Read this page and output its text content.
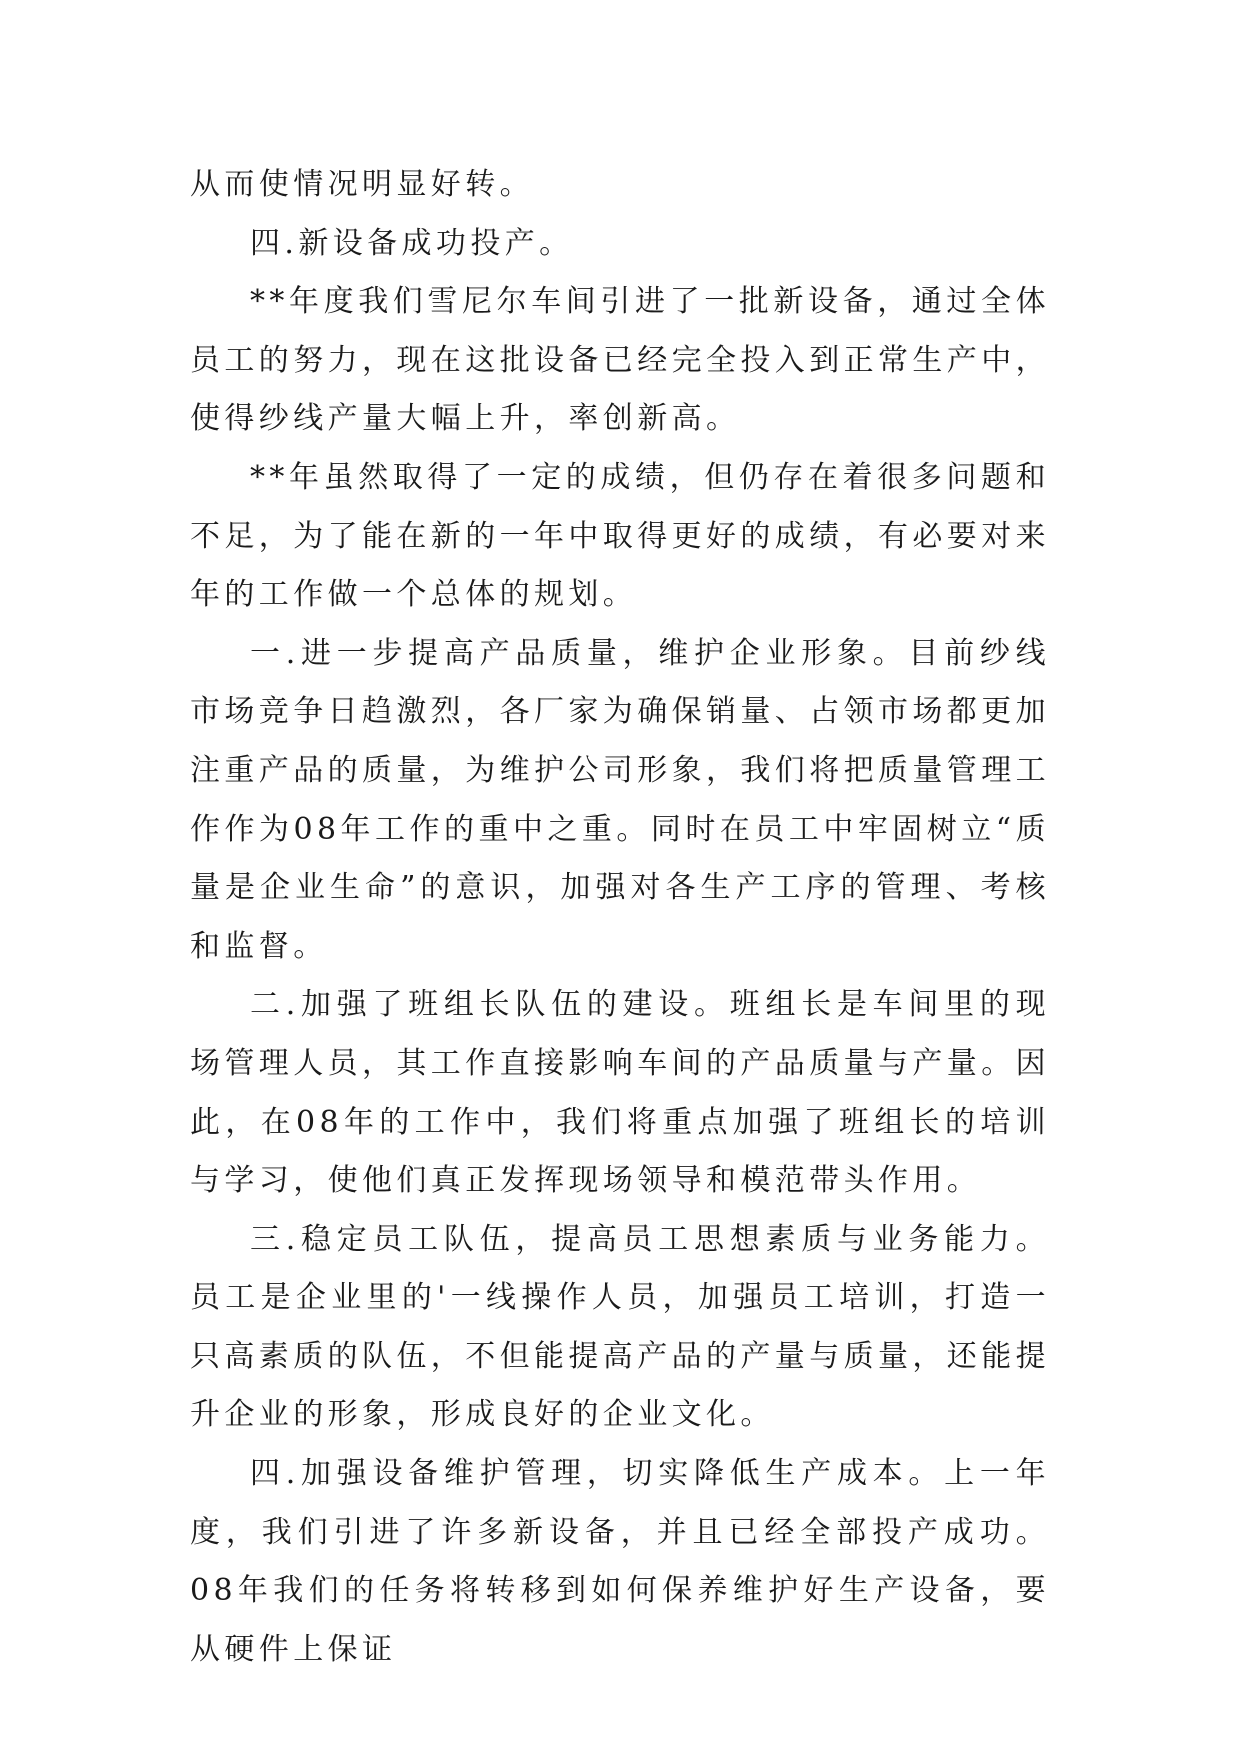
从而使情况明显好转。

四.新设备成功投产。

**年度我们雪尼尔车间引进了一批新设备，通过全体员工的努力，现在这批设备已经完全投入到正常生产中，使得纱线产量大幅上升，率创新高。

**年虽然取得了一定的成绩，但仍存在着很多问题和不足，为了能在新的一年中取得更好的成绩，有必要对来年的工作做一个总体的规划。

一.进一步提高产品质量，维护企业形象。目前纱线市场竞争日趋激烈，各厂家为确保销量、占领市场都更加注重产品的质量，为维护公司形象，我们将把质量管理工作作为08年工作的重中之重。同时在员工中牢固树立“质量是企业生命”的意识，加强对各生产工序的管理、考核和监督。

二.加强了班组长队伍的建设。班组长是车间里的现场管理人员，其工作直接影响车间的产品质量与产量。因此，在08年的工作中，我们将重点加强了班组长的培训与学习，使他们真正发挥现场领导和模范带头作用。

三.稳定员工队伍，提高员工思想素质与业务能力。员工是企业里的'一线操作人员，加强员工培训，打造一只高素质的队伍，不但能提高产品的产量与质量，还能提升企业的形象，形成良好的企业文化。

四.加强设备维护管理，切实降低生产成本。上一年度，我们引进了许多新设备，并且已经全部投产成功。08年我们的任务将转移到如何保养维护好生产设备，要从硬件上保证
